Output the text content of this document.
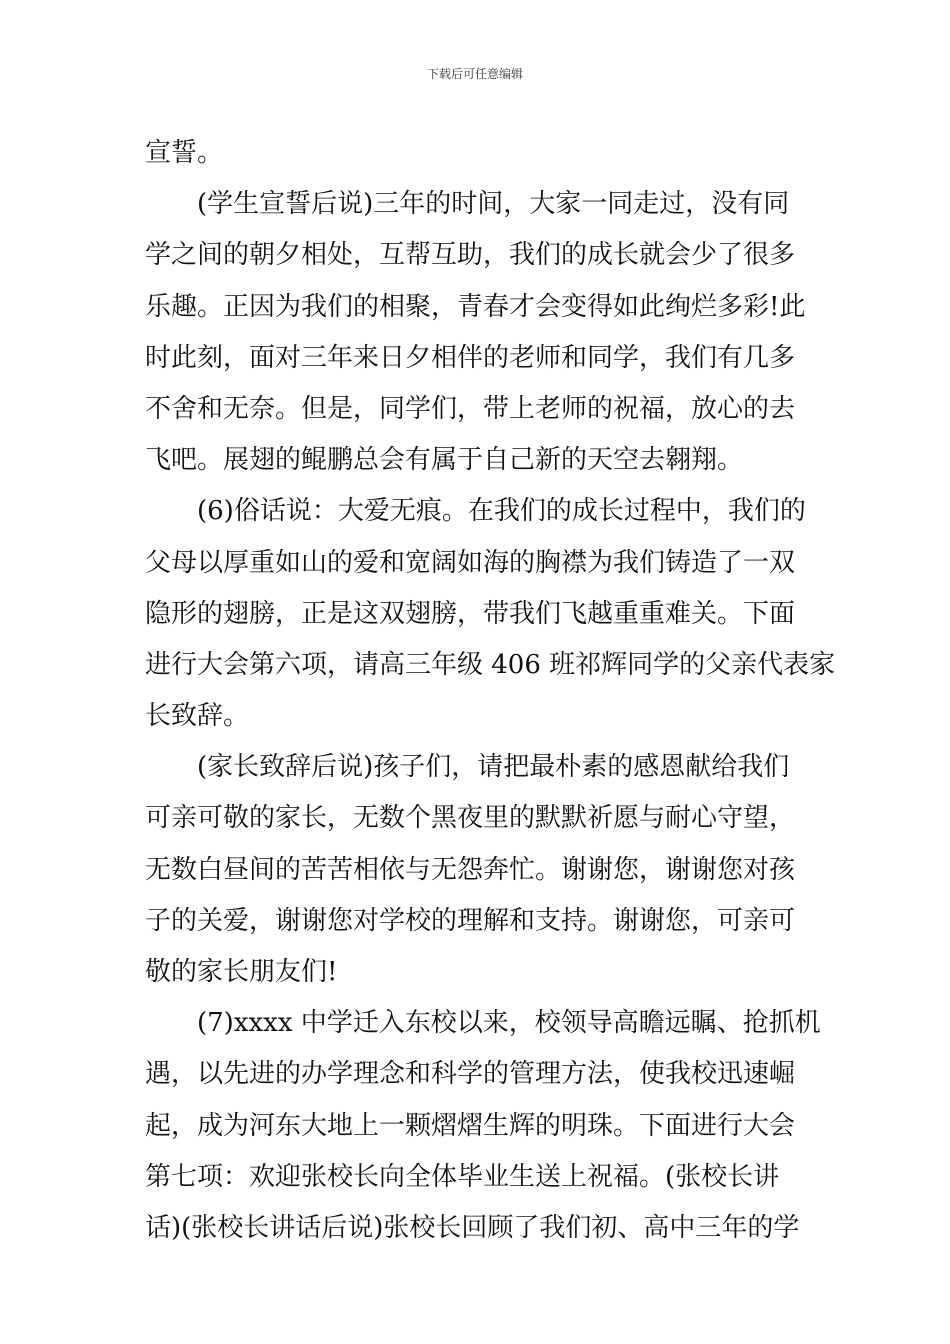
下载后可任意编辑
宣誓。
(学生宣誓后说)三年的时间，大家一同走过，没有同
学之间的朝夕相处，互帮互助，我们的成长就会少了很多
乐趣。正因为我们的相聚，青春才会变得如此绚烂多彩!此
时此刻，面对三年来日夕相伴的老师和同学，我们有几多
不舍和无奈。但是，同学们，带上老师的祝福，放心的去
飞吧。展翅的鲲鹏总会有属于自己新的天空去翱翔。
(6)俗话说：大爱无痕。在我们的成长过程中，我们的
父母以厚重如山的爱和宽阔如海的胸襟为我们铸造了一双
隐形的翅膀，正是这双翅膀，带我们飞越重重难关。下面
进行大会第六项，请高三年级 406 班祁辉同学的父亲代表家
长致辞。
(家长致辞后说)孩子们，请把最朴素的感恩献给我们
可亲可敬的家长，无数个黑夜里的默默祈愿与耐心守望，
无数白昼间的苦苦相依与无怨奔忙。谢谢您，谢谢您对孩
子的关爱，谢谢您对学校的理解和支持。谢谢您，可亲可
敬的家长朋友们!
(7)xxxx 中学迁入东校以来，校领导高瞻远瞩、抢抓机
遇，以先进的办学理念和科学的管理方法，使我校迅速崛
起，成为河东大地上一颗熠熠生辉的明珠。下面进行大会
第七项：欢迎张校长向全体毕业生送上祝福。(张校长讲
话)(张校长讲话后说)张校长回顾了我们初、高中三年的学
